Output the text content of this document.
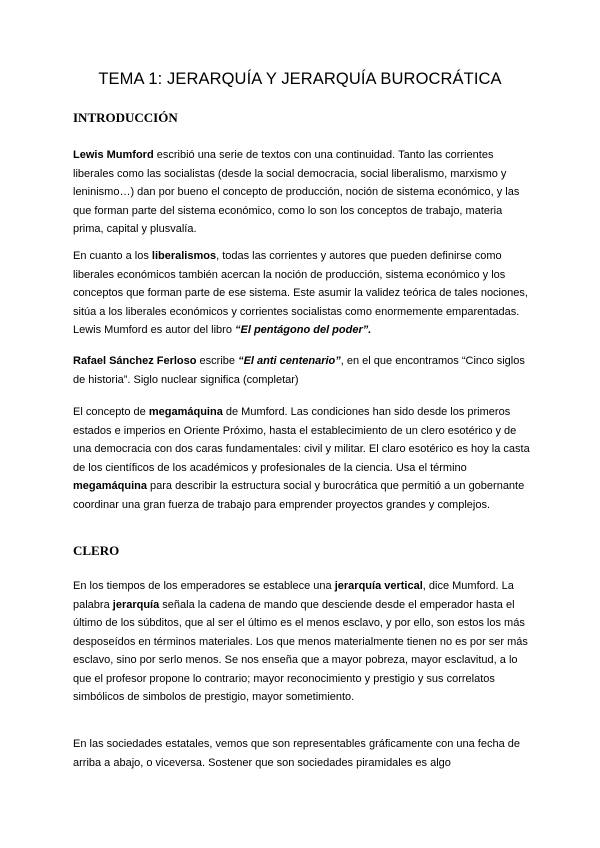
TEMA 1: JERARQUÍA Y JERARQUÍA BUROCRÁTICA
INTRODUCCIÓN

Lewis Mumford escribió una serie de textos con una continuidad. Tanto las corrientes liberales como las socialistas (desde la social democracia, social liberalismo, marxismo y leninismo…) dan por bueno el concepto de producción, noción de sistema económico, y las que forman parte del sistema económico, como lo son los conceptos de trabajo, materia prima, capital y plusvalía.

En cuanto a los liberalismos, todas las corrientes y autores que pueden definirse como liberales económicos también acercan la noción de producción, sistema económico y los conceptos que forman parte de ese sistema. Este asumir la validez teórica de tales nociones, sitúa a los liberales económicos y corrientes socialistas como enormemente emparentadas. Lewis Mumford es autor del libro “El pentágono del poder”.

Rafael Sánchez Ferloso escribe “El anti centenario”, en el que encontramos “Cinco siglos de historia”. Siglo nuclear significa (completar)

El concepto de megamáquina de Mumford. Las condiciones han sido desde los primeros estados e imperios en Oriente Próximo, hasta el establecimiento de un clero esotérico y de una democracia con dos caras fundamentales: civil y militar. El claro esotérico es hoy la casta de los científicos de los académicos y profesionales de la ciencia. Usa el término megamáquina para describir la estructura social y burocrática que permitió a un gobernante coordinar una gran fuerza de trabajo para emprender proyectos grandes y complejos.

CLERO

En los tiempos de los emperadores se establece una jerarquía vertical, dice Mumford. La palabra jerarquía señala la cadena de mando que desciende desde el emperador hasta el último de los súbditos, que al ser el último es el menos esclavo, y por ello, son estos los más desposeídos en términos materiales. Los que menos materialmente tienen no es por ser más esclavo, sino por serlo menos. Se nos enseña que a mayor pobreza, mayor esclavitud, a lo que el profesor propone lo contrario; mayor reconocimiento y prestigio y sus correlatos simbólicos de simbolos de prestigio, mayor sometimiento.

En las sociedades estatales, vemos que son representables gráficamente con una fecha de arriba a abajo, o viceversa. Sostener que son sociedades piramidales es algo
